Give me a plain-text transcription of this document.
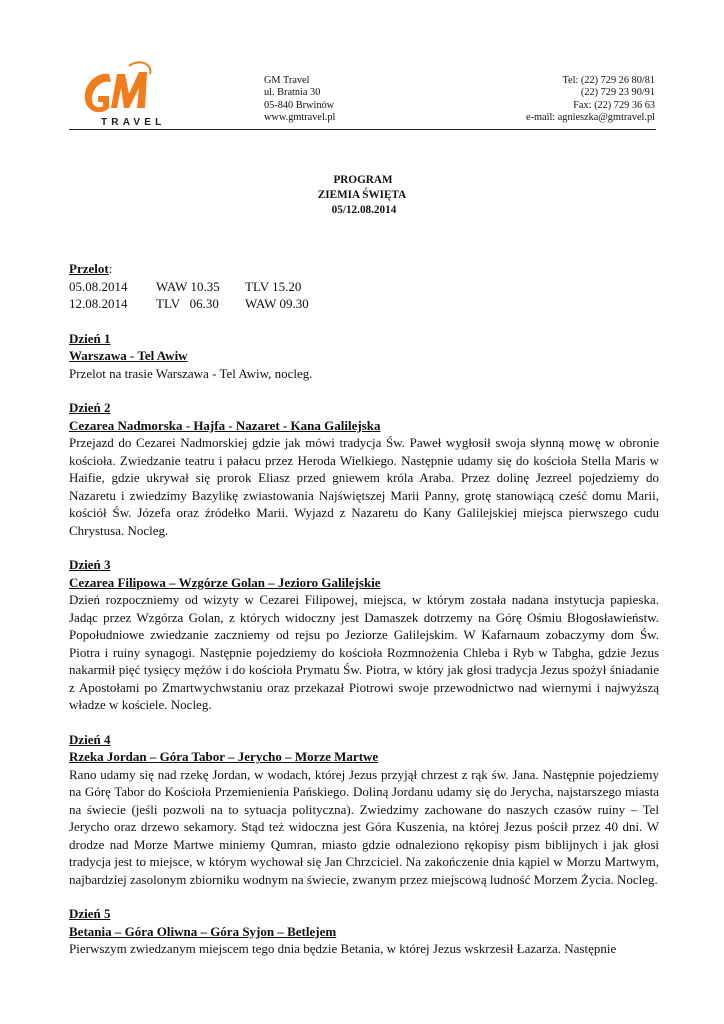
TRAVEL
GM Travel
ul. Bratnia 30
05-840 Brwinów
www.gmtravel.pl
Tel: (22) 729 26 80/81
(22) 729 23 90/91
Fax: (22) 729 36 63
e-mail: agnieszka@gmtravel.pl
PROGRAM
ZIEMIA ŚWIĘTA
05/12.08.2014
Przelot:
05.08.2014	WAW 10.35	TLV 15.20
12.08.2014	TLV   06.30	WAW 09.30
Dzień 1
Warszawa - Tel Awiw
Przelot na trasie Warszawa - Tel Awiw, nocleg.
Dzień 2
Cezarea Nadmorska - Hajfa - Nazaret - Kana Galilejska
Przejazd do Cezarei Nadmorskiej gdzie jak mówi tradycja Św. Paweł wygłosił swoja słynną mowę w obronie kościoła. Zwiedzanie teatru i pałacu przez Heroda Wielkiego. Następnie udamy się do kościoła Stella Maris w Haifie, gdzie ukrywał się prorok Eliasz przed gniewem króla Araba. Przez dolinę Jezreel pojedziemy do Nazaretu i zwiedzimy Bazylikę zwiastowania Najświętszej Marii Panny, grotę stanowiącą cześć domu Marii, kościół Św. Józefa oraz źródełko Marii. Wyjazd z Nazaretu do Kany Galilejskiej miejsca pierwszego cudu Chrystusa. Nocleg.
Dzień 3
Cezarea Filipowa – Wzgórze Golan – Jezioro Galilejskie
Dzień rozpoczniemy od wizyty w Cezarei Filipowej, miejsca, w którym została nadana instytucja papieska. Jadąc przez Wzgórza Golan, z których widoczny jest Damaszek dotrzemy na Górę Ośmiu Błogosławieństw. Popołudniowe zwiedzanie zaczniemy od rejsu po Jeziorze Galilejskim. W Kafarnaum zobaczymy dom Św. Piotra i ruiny synagogi. Następnie pojedziemy do kościoła Rozmnożenia Chleba i Ryb w Tabgha, gdzie Jezus nakarmił pięć tysięcy mężów i do kościoła Prymatu Św. Piotra, w który jak głosi tradycja Jezus spożył śniadanie z Apostołami po Zmartwychwstaniu oraz przekazał Piotrowi swoje przewodnictwo nad wiernymi i najwyższą władze w kościele. Nocleg.
Dzień 4
Rzeka Jordan – Góra Tabor – Jerycho – Morze Martwe
Rano udamy się nad rzekę Jordan, w wodach, której Jezus przyjął chrzest z rąk św. Jana. Następnie pojedziemy na Górę Tabor do Kościoła Przemienienia Pańskiego. Doliną Jordanu udamy się do Jerycha, najstarszego miasta na świecie (jeśli pozwoli na to sytuacja polityczna). Zwiedzimy zachowane do naszych czasów ruiny – Tel Jerycho oraz drzewo sekamory. Stąd też widoczna jest Góra Kuszenia, na której Jezus pościł przez 40 dni. W drodze nad Morze Martwe miniemy Qumran, miasto gdzie odnaleziono rękopisy pism biblijnych i jak głosi tradycja jest to miejsce, w którym wychował się Jan Chrzciciel. Na zakończenie dnia kąpiel w Morzu Martwym, najbardziej zasolonym zbiorniku wodnym na świecie, zwanym przez miejscową ludność Morzem Życia. Nocleg.
Dzień 5
Betania – Góra Oliwna – Góra Syjon – Betlejem
Pierwszym zwiedzanym miejscem tego dnia będzie Betania, w której Jezus wskrzesił Łazarza. Następnie
